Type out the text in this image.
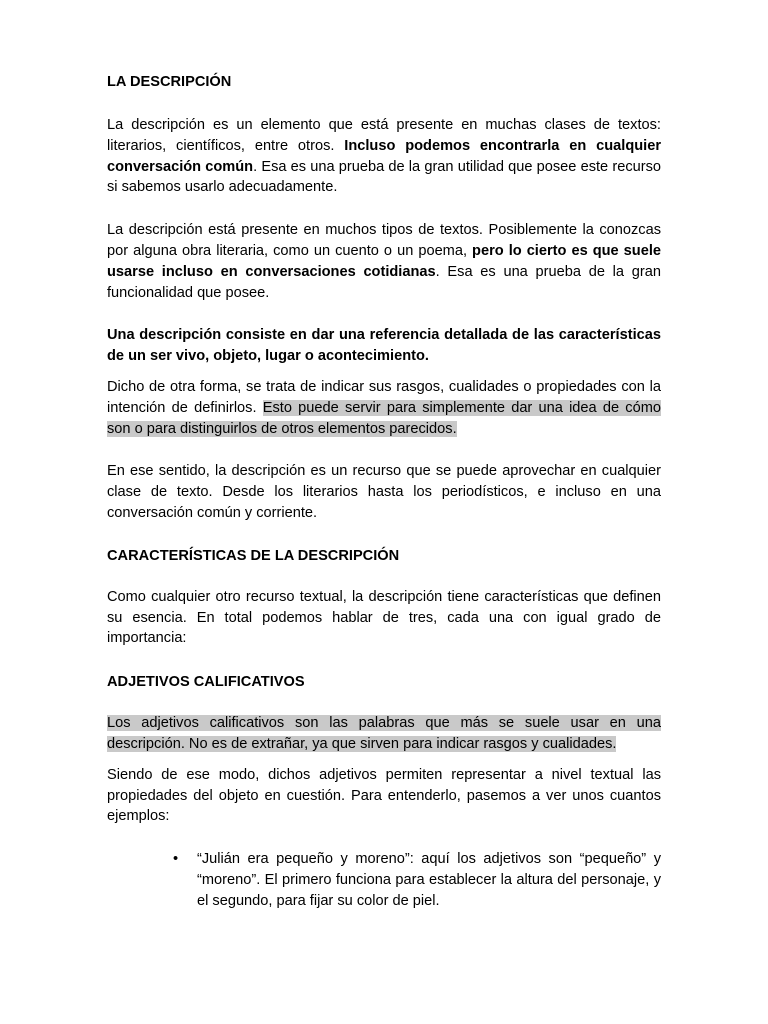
LA DESCRIPCIÓN

La descripción es un elemento que está presente en muchas clases de textos: literarios, científicos, entre otros. Incluso podemos encontrarla en cualquier conversación común. Esa es una prueba de la gran utilidad que posee este recurso si sabemos usarlo adecuadamente.

La descripción está presente en muchos tipos de textos. Posiblemente la conozcas por alguna obra literaria, como un cuento o un poema, pero lo cierto es que suele usarse incluso en conversaciones cotidianas. Esa es una prueba de la gran funcionalidad que posee.

Una descripción consiste en dar una referencia detallada de las características de un ser vivo, objeto, lugar o acontecimiento.

Dicho de otra forma, se trata de indicar sus rasgos, cualidades o propiedades con la intención de definirlos. Esto puede servir para simplemente dar una idea de cómo son o para distinguirlos de otros elementos parecidos.

En ese sentido, la descripción es un recurso que se puede aprovechar en cualquier clase de texto. Desde los literarios hasta los periodísticos, e incluso en una conversación común y corriente.

CARACTERÍSTICAS DE LA DESCRIPCIÓN

Como cualquier otro recurso textual, la descripción tiene características que definen su esencia. En total podemos hablar de tres, cada una con igual grado de importancia:

ADJETIVOS CALIFICATIVOS

Los adjetivos calificativos son las palabras que más se suele usar en una descripción. No es de extrañar, ya que sirven para indicar rasgos y cualidades.

Siendo de ese modo, dichos adjetivos permiten representar a nivel textual las propiedades del objeto en cuestión. Para entenderlo, pasemos a ver unos cuantos ejemplos:

• “Julián era pequeño y moreno”: aquí los adjetivos son “pequeño” y “moreno”. El primero funciona para establecer la altura del personaje, y el segundo, para fijar su color de piel.
